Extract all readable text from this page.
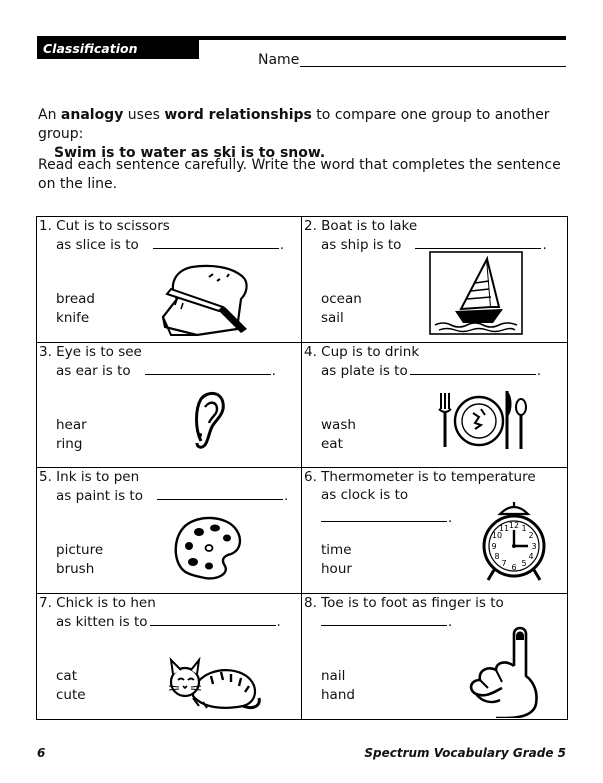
Classification
Name
An analogy uses word relationships to compare one group to another group:
Swim is to water as ski is to snow.
Read each sentence carefully. Write the word that completes the sentence on the line.
1. Cut is to scissors
as slice is to	.
bread
knife
2. Boat is to lake
as ship is to	.
ocean
sail
3. Eye is to see
as ear is to	.
hear
ring
4. Cup is to drink
as plate is to	.
wash
eat
5. Ink is to pen
as paint is to	.
picture
brush
6. Thermometer is to temperature
as clock is to
.
time
hour
12 1
2
3
4
5
6
7
8
9
10
11
7. Chick is to hen
as kitten is to	.
cat
cute
8. Toe is to foot as finger is to
.
nail
hand
6	Spectrum Vocabulary Grade 5
